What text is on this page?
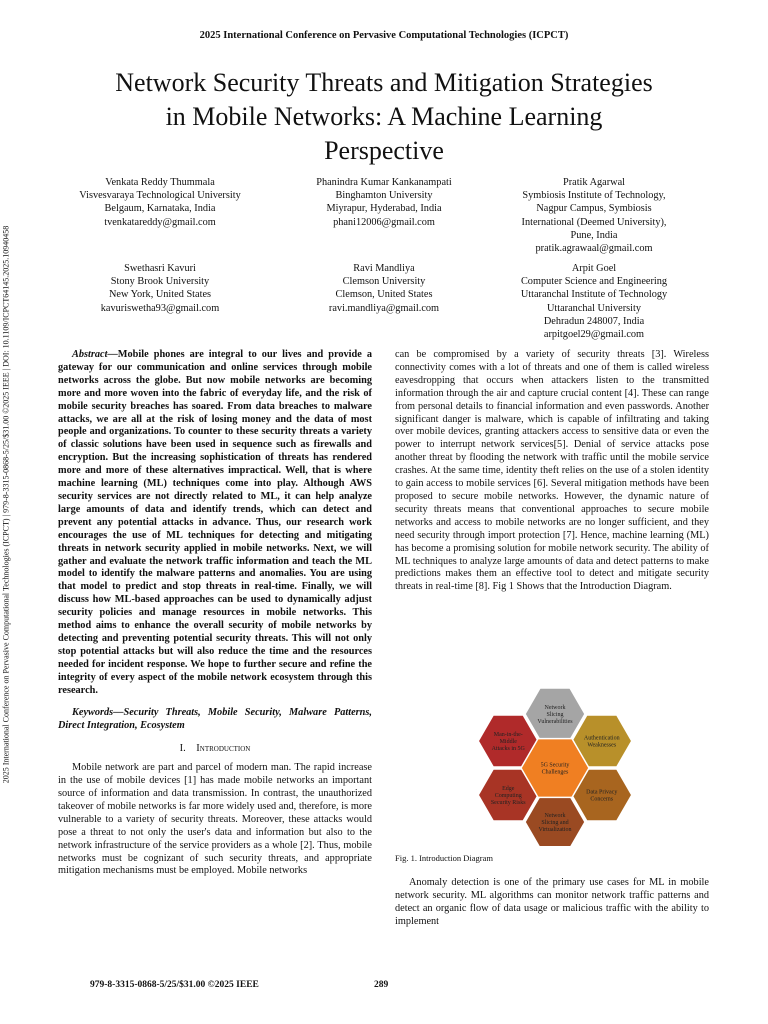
2025 International Conference on Pervasive Computational Technologies (ICPCT)
Network Security Threats and Mitigation Strategies
in Mobile Networks: A Machine Learning
Perspective
2025 International Conference on Pervasive Computational Technologies (ICPCT) | 979-8-3315-0868-5/25/$31.00 ©2025 IEEE | DOI: 10.1109/ICPCT64145.2025.10940458
Venkata Reddy Thummala
Visvesvaraya Technological University
Belgaum, Karnataka, India
tvenkatareddy@gmail.com
Phanindra Kumar Kankanampati
Binghamton University
Miyrapur, Hyderabad, India
phani12006@gmail.com
Pratik Agarwal
Symbiosis Institute of Technology,
Nagpur Campus, Symbiosis
International (Deemed University),
Pune, India
pratik.agrawaal@gmail.com
Swethasri Kavuri
Stony Brook University
New York, United States
kavuriswetha93@gmail.com
Ravi Mandliya
Clemson University
Clemson, United States
ravi.mandliya@gmail.com
Arpit Goel
Computer Science and Engineering
Uttaranchal Institute of Technology
Uttaranchal University
Dehradun 248007, India
arpitgoel29@gmail.com

Abstract—Mobile phones are integral to our lives and provide a gateway for our communication and online services through mobile networks across the globe. But now mobile networks are becoming more and more woven into the fabric of everyday life, and the risk of mobile security breaches has soared. From data breaches to malware attacks, we are all at the risk of losing money and the data of most people and organizations. To counter to these security threats a variety of classic solutions have been used in sequence such as firewalls and encryption. But the increasing sophistication of threats has rendered more and more of these alternatives impractical. Well, that is where machine learning (ML) techniques come into play. Although AWS security services are not directly related to ML, it can help analyze large amounts of data and identify trends, which can detect and prevent any potential attacks in advance. Thus, our research work encourages the use of ML techniques for detecting and mitigating threats in network security applied in mobile networks. Next, we will gather and evaluate the network traffic information and teach the ML model to identify the malware patterns and anomalies. You are using that model to predict and stop threats in real-time. Finally, we will discuss how ML-based approaches can be used to dynamically adjust security policies and manage resources in mobile networks. This method aims to enhance the overall security of mobile networks by detecting and preventing potential security threats. This will not only stop potential attacks but will also reduce the time and the resources needed for incident response. We hope to further secure and refine the integrity of every aspect of the mobile network ecosystem through this research.

Keywords—Security Threats, Mobile Security, Malware Patterns, Direct Integration, Ecosystem

I. Introduction

Mobile network are part and parcel of modern man. The rapid increase in the use of mobile devices [1] has made mobile networks an important source of information and data transmission. In contrast, the unauthorized takeover of mobile networks is far more widely used and, therefore, is more vulnerable to a variety of security threats. Moreover, these attacks would pose a threat to not only the user's data and information but also to the network infrastructure of the service providers as a whole [2]. Thus, mobile networks must be cognizant of such security threats, and appropriate mitigation mechanisms must be employed. Mobile networks

can be compromised by a variety of security threats [3]. Wireless connectivity comes with a lot of threats and one of them is called wireless eavesdropping that occurs when attackers listen to the transmitted information through the air and capture crucial content [4]. These can range from personal details to financial information and even passwords. Another significant danger is malware, which is capable of infiltrating and taking over mobile devices, granting attackers access to sensitive data or even the power to interrupt network services[5]. Denial of service attacks pose another threat by flooding the network with traffic until the mobile service crashes. At the same time, identity theft relies on the use of a stolen identity to gain access to mobile services [6]. Several mitigation methods have been proposed to secure mobile networks. However, the dynamic nature of security threats means that conventional approaches to secure mobile networks and access to mobile networks are no longer sufficient, and they need security through import protection [7]. Hence, machine learning (ML) has become a promising solution for mobile network security. The ability of ML techniques to analyze large amounts of data and detect patterns to make predictions makes them an effective tool to detect and mitigate security threats in real-time [8]. Fig 1 Shows that the Introduction Diagram.

Network
Slicing
Vulnerabilities
Authentication
Weaknesses
Data Privacy
Concerns
Network
Slicing and
Virtualization
Edge
Computing
Security Risks
Man-in-the-
Middle
Attacks in 5G
5G Security
Challenges
Fig. 1. Introduction Diagram

Anomaly detection is one of the primary use cases for ML in mobile network security. ML algorithms can monitor network traffic patterns and detect an organic flow of data usage or malicious traffic with the ability to implement

979-8-3315-0868-5/25/$31.00 ©2025 IEEE	289
